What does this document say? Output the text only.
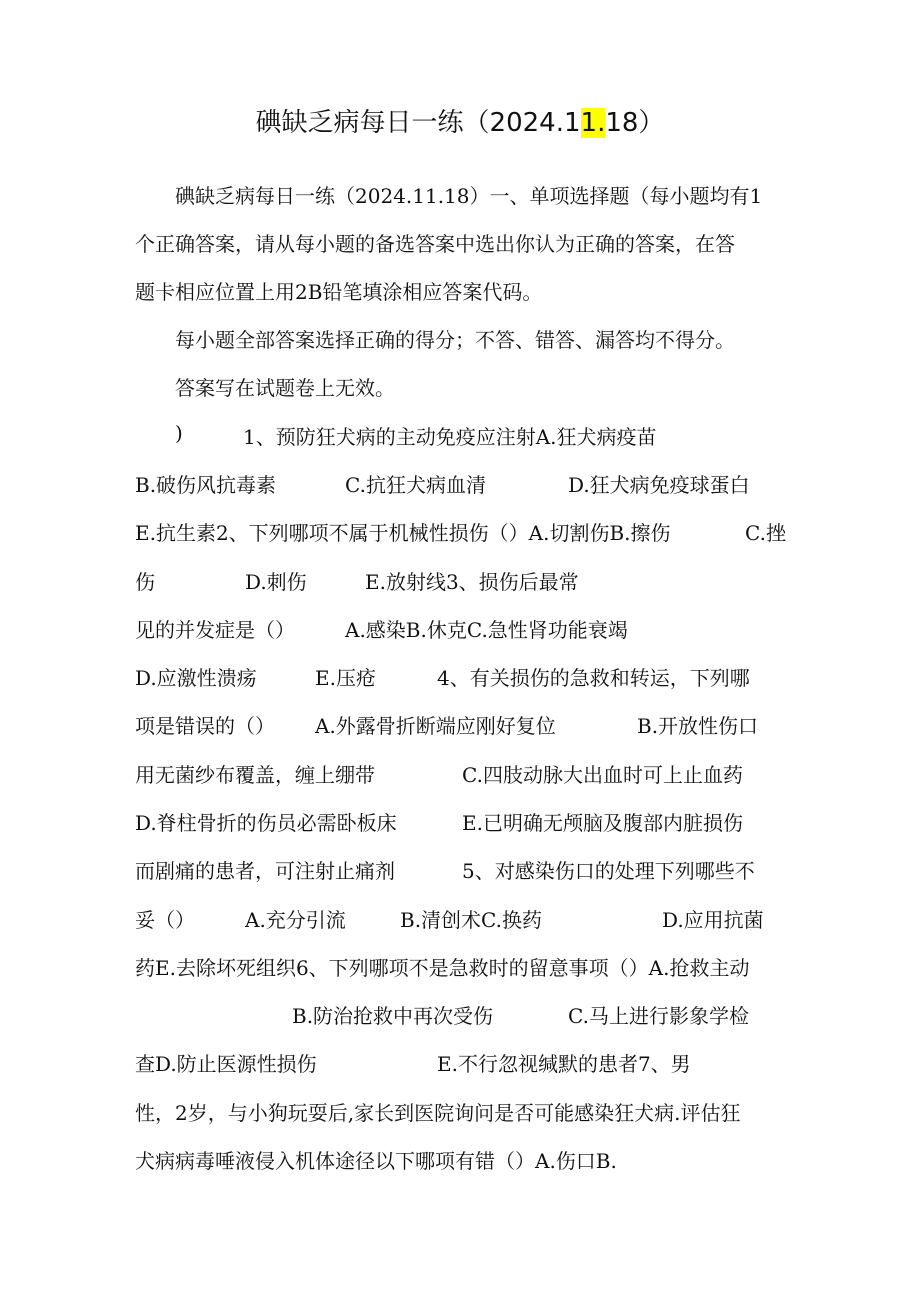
碘缺乏病每日一练（2024.11.18）
碘缺乏病每日一练（2024.11.18）一、单项选择题（每小题均有1
个正确答案，请从每小题的备选答案中选出你认为正确的答案，在答
题卡相应位置上用2B铅笔填涂相应答案代码。
每小题全部答案选择正确的得分；不答、错答、漏答均不得分。
答案写在试题卷上无效。

)

	1、预防狂犬病的主动免疫应注射A.狂犬病疫苗

B.破伤风抗毒素

	C.抗狂犬病血清

	D.狂犬病免疫球蛋白

E.抗生素2、下列哪项不属于机械性损伤（）A.切割伤B.擦伤

	C.挫

伤

	D.刺伤

	E.放射线3、损伤后最常

见的并发症是（）

	A.感染B.休克C.急性肾功能衰竭

D.应激性溃疡

	E.压疮

	4、有关损伤的急救和转运，下列哪

项是错误的（）

A.外露骨折断端应刚好复位

	B.开放性伤口

用无菌纱布覆盖，缠上绷带

	C.四肢动脉大出血时可上止血药

D.脊柱骨折的伤员必需卧板床

	E.已明确无颅脑及腹部内脏损伤

而剧痛的患者，可注射止痛剂

	5、对感染伤口的处理下列哪些不

妥（）

	A.充分引流

	B.清创术C.换药

	D.应用抗菌

药E.去除坏死组织6、下列哪项不是急救时的留意事项（）A.抢救主动

B.防治抢救中再次受伤

	C.马上进行影象学检

查D.防止医源性损伤

	E.不行忽视缄默的患者7、男

性，2岁，与小狗玩耍后,家长到医院询问是否可能感染狂犬病.评估狂

犬病病毒唾液侵入机体途径以下哪项有错（）A.伤口B.
